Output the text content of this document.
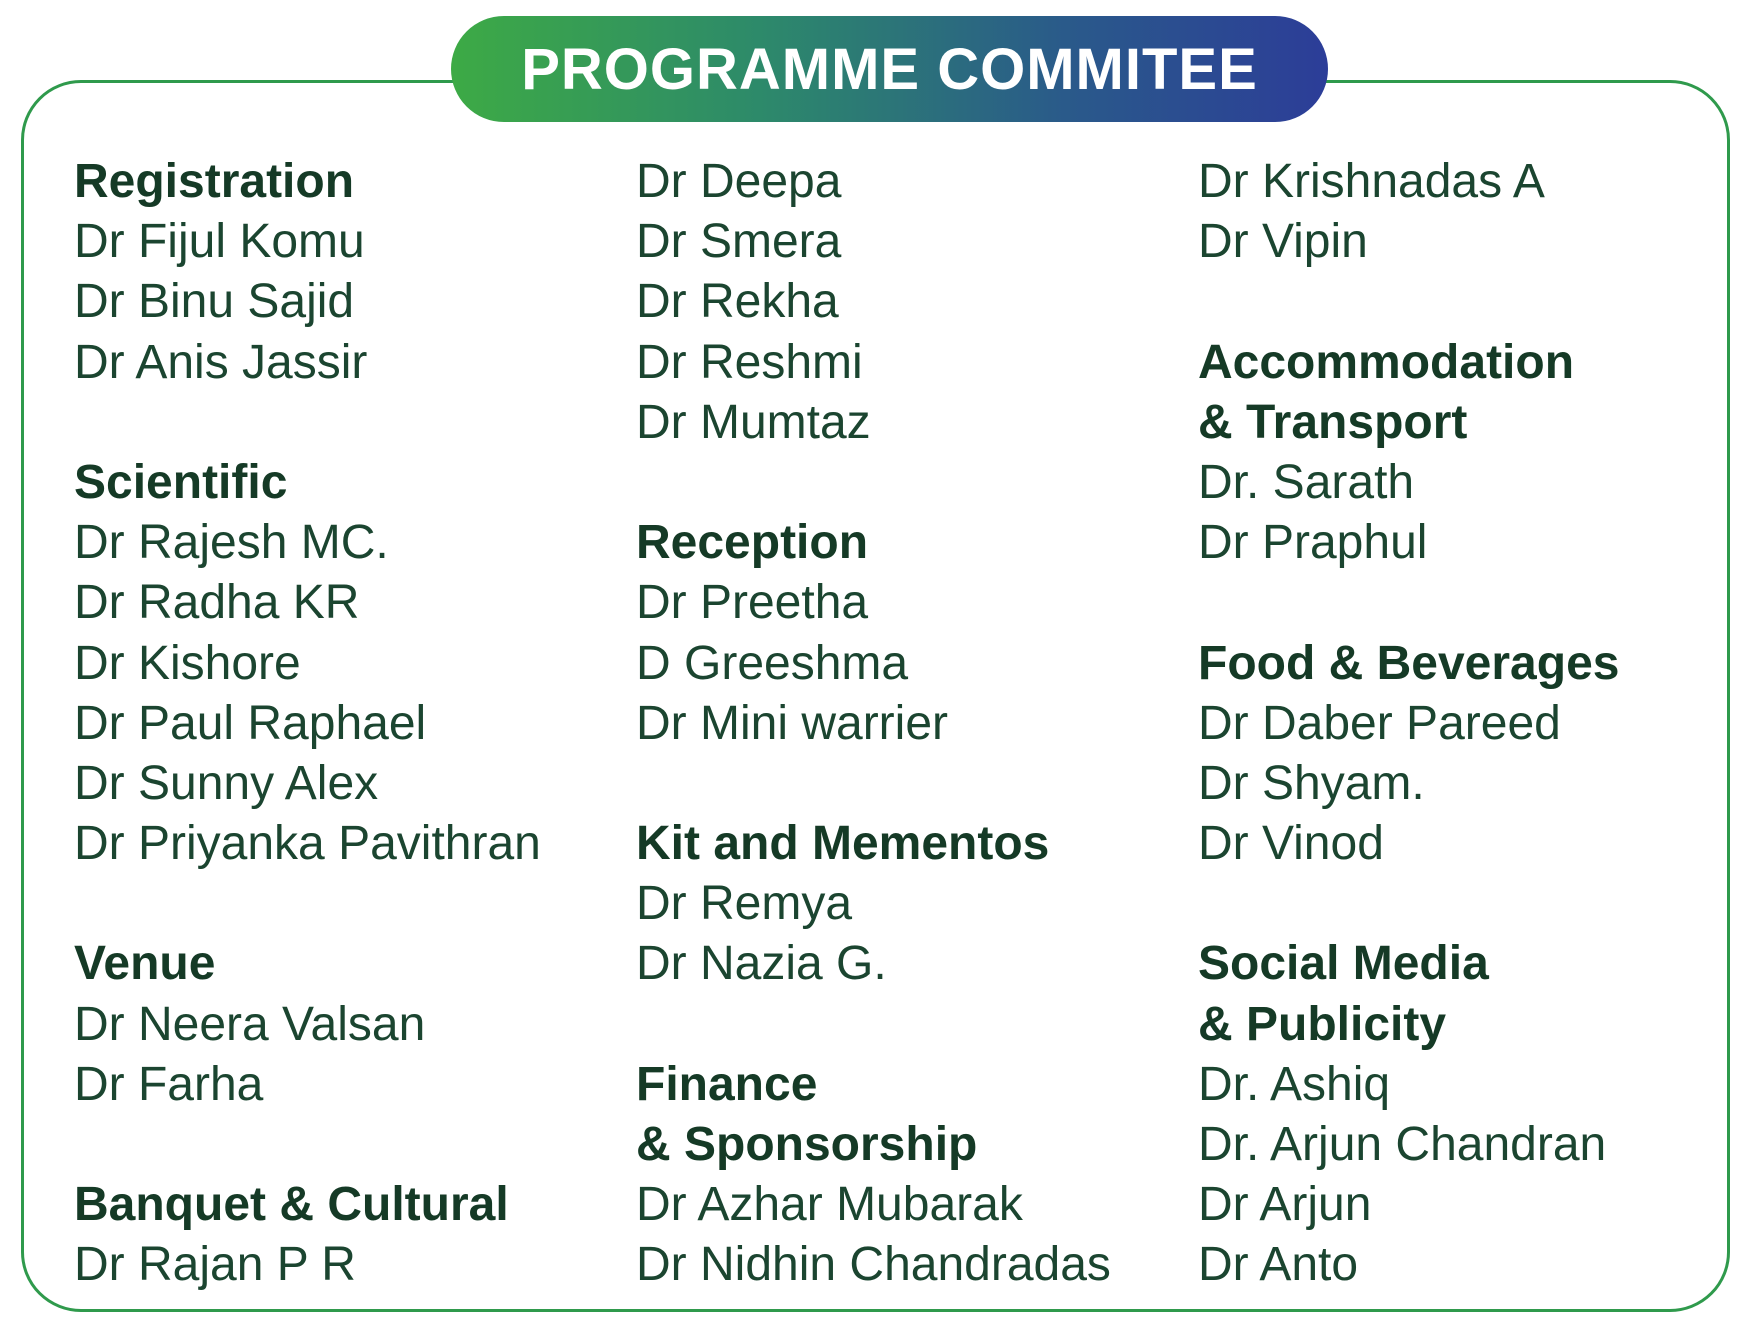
PROGRAMME COMMITEE
Registration
Dr Fijul Komu
Dr Binu Sajid
Dr Anis Jassir
Scientific
Dr Rajesh MC.
Dr Radha KR
Dr Kishore
Dr Paul Raphael
Dr Sunny Alex
Dr Priyanka Pavithran
Venue
Dr Neera Valsan
Dr Farha
Banquet & Cultural
Dr Rajan P R
Dr Deepa
Dr Smera
Dr Rekha
Dr Reshmi
Dr Mumtaz
Reception
Dr Preetha
D Greeshma
Dr Mini warrier
Kit and Mementos
Dr Remya
Dr Nazia G.
Finance
& Sponsorship
Dr Azhar Mubarak
Dr Nidhin Chandradas
Dr Krishnadas A
Dr Vipin
Accommodation
& Transport
Dr. Sarath
Dr Praphul
Food & Beverages
Dr Daber Pareed
Dr Shyam.
Dr Vinod
Social Media
& Publicity
Dr. Ashiq
Dr. Arjun Chandran
Dr Arjun
Dr Anto
